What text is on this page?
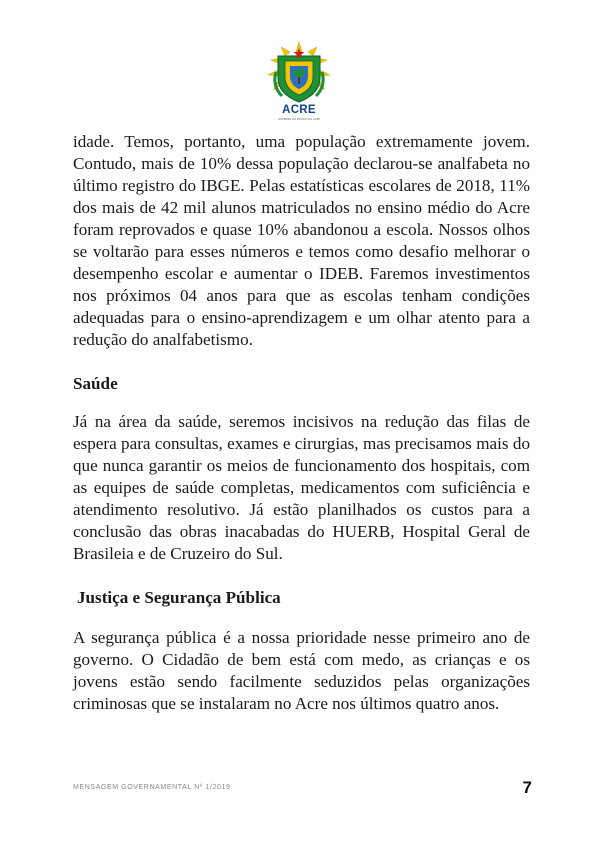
ACRE
GOVERNO DO ESTADO DO ACRE

idade. Temos, portanto, uma população extremamente jovem. Contudo, mais de 10% dessa população declarou-se analfabeta no último registro do IBGE. Pelas estatísticas escolares de 2018, 11% dos mais de 42 mil alunos matriculados no ensino médio do Acre foram reprovados e quase 10% abandonou a escola. Nossos olhos se voltarão para esses números e temos como desafio melhorar o desempenho escolar e aumentar o IDEB. Faremos investimentos nos próximos 04 anos para que as escolas tenham condições adequadas para o ensino-aprendizagem e um olhar atento para a redução do analfabetismo.

Saúde

Já na área da saúde, seremos incisivos na redução das filas de espera para consultas, exames e cirurgias, mas precisamos mais do que nunca garantir os meios de funcionamento dos hospitais, com as equipes de saúde completas, medicamentos com suficiência e atendimento resolutivo. Já estão planilhados os custos para a conclusão das obras inacabadas do HUERB, Hospital Geral de Brasileia e de Cruzeiro do Sul.

Justiça e Segurança Pública

A segurança pública é a nossa prioridade nesse primeiro ano de governo. O Cidadão de bem está com medo, as crianças e os jovens estão sendo facilmente seduzidos pelas organizações criminosas que se instalaram no Acre nos últimos quatro anos.

MENSAGEM GOVERNAMENTAL Nº 1/2019	7
